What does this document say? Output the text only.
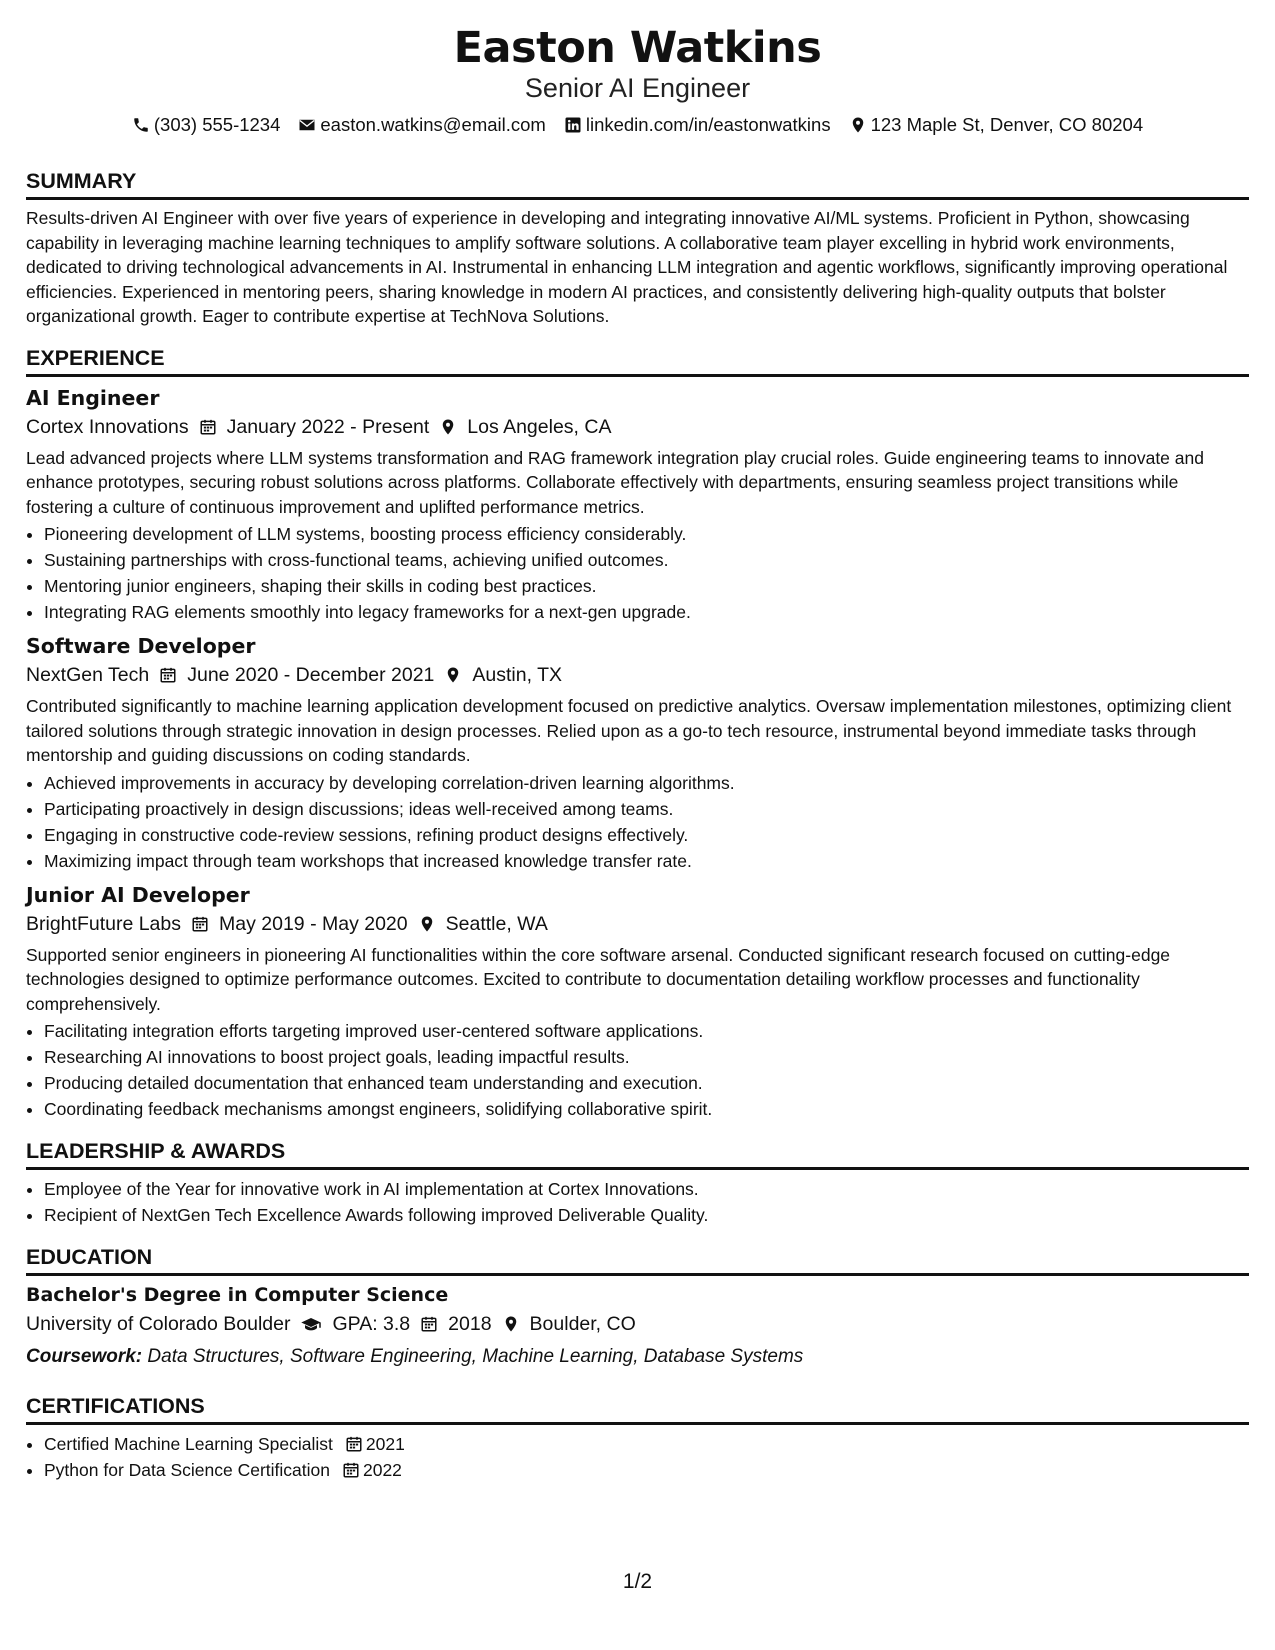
Easton Watkins
Senior AI Engineer
(303) 555-1234 easton.watkins@email.com linkedin.com/in/eastonwatkins 123 Maple St, Denver, CO 80204
SUMMARY
Results-driven AI Engineer with over five years of experience in developing and integrating innovative AI/ML systems. Proficient in Python, showcasing capability in leveraging machine learning techniques to amplify software solutions. A collaborative team player excelling in hybrid work environments, dedicated to driving technological advancements in AI. Instrumental in enhancing LLM integration and agentic workflows, significantly improving operational efficiencies. Experienced in mentoring peers, sharing knowledge in modern AI practices, and consistently delivering high-quality outputs that bolster organizational growth. Eager to contribute expertise at TechNova Solutions.
EXPERIENCE
AI Engineer
Cortex Innovations January 2022 - Present Los Angeles, CA
Lead advanced projects where LLM systems transformation and RAG framework integration play crucial roles. Guide engineering teams to innovate and enhance prototypes, securing robust solutions across platforms. Collaborate effectively with departments, ensuring seamless project transitions while fostering a culture of continuous improvement and uplifted performance metrics.
• Pioneering development of LLM systems, boosting process efficiency considerably.
• Sustaining partnerships with cross-functional teams, achieving unified outcomes.
• Mentoring junior engineers, shaping their skills in coding best practices.
• Integrating RAG elements smoothly into legacy frameworks for a next-gen upgrade.
Software Developer
NextGen Tech June 2020 - December 2021 Austin, TX
Contributed significantly to machine learning application development focused on predictive analytics. Oversaw implementation milestones, optimizing client tailored solutions through strategic innovation in design processes. Relied upon as a go-to tech resource, instrumental beyond immediate tasks through mentorship and guiding discussions on coding standards.
• Achieved improvements in accuracy by developing correlation-driven learning algorithms.
• Participating proactively in design discussions; ideas well-received among teams.
• Engaging in constructive code-review sessions, refining product designs effectively.
• Maximizing impact through team workshops that increased knowledge transfer rate.
Junior AI Developer
BrightFuture Labs May 2019 - May 2020 Seattle, WA
Supported senior engineers in pioneering AI functionalities within the core software arsenal. Conducted significant research focused on cutting-edge technologies designed to optimize performance outcomes. Excited to contribute to documentation detailing workflow processes and functionality comprehensively.
• Facilitating integration efforts targeting improved user-centered software applications.
• Researching AI innovations to boost project goals, leading impactful results.
• Producing detailed documentation that enhanced team understanding and execution.
• Coordinating feedback mechanisms amongst engineers, solidifying collaborative spirit.
LEADERSHIP & AWARDS
• Employee of the Year for innovative work in AI implementation at Cortex Innovations.
• Recipient of NextGen Tech Excellence Awards following improved Deliverable Quality.
EDUCATION
Bachelor's Degree in Computer Science
University of Colorado Boulder GPA: 3.8 2018 Boulder, CO
Coursework: Data Structures, Software Engineering, Machine Learning, Database Systems
CERTIFICATIONS
• Certified Machine Learning Specialist 2021
• Python for Data Science Certification 2022
1/2
